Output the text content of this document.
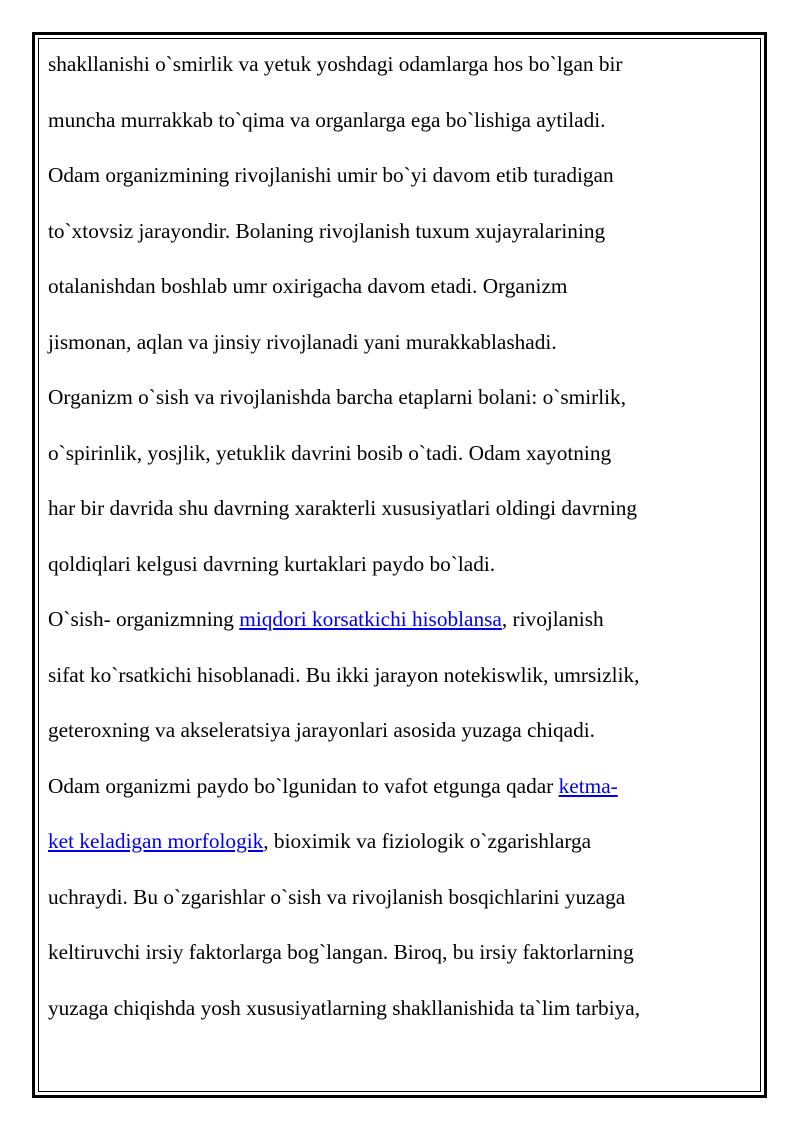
shakllanishi o`smirlik va yetuk yoshdagi odamlarga hos bo`lgan bir
muncha murrakkab to`qima va organlarga ega bo`lishiga aytiladi.
Odam organizmining rivojlanishi umir bo`yi davom etib turadigan
to`xtovsiz jarayondir. Bolaning rivojlanish tuxum xujayralarining
otalanishdan boshlab umr oxirigacha davom etadi. Organizm
jismonan, aqlan va jinsiy rivojlanadi yani murakkablashadi.
Organizm o`sish va rivojlanishda barcha etaplarni bolani: o`smirlik,
o`spirinlik, yosjlik, yetuklik davrini bosib o`tadi. Odam xayotning
har bir davrida shu davrning xarakterli xususiyatlari oldingi davrning
qoldiqlari kelgusi davrning kurtaklari paydo bo`ladi.
O`sish- organizmning miqdori korsatkichi hisoblansa, rivojlanish
sifat ko`rsatkichi hisoblanadi. Bu ikki jarayon notekiswlik, umrsizlik,
geteroxning va akseleratsiya jarayonlari asosida yuzaga chiqadi.
Odam organizmi paydo bo`lgunidan to vafot etgunga qadar ketma-
ket keladigan morfologik, bioximik va fiziologik o`zgarishlarga
uchraydi. Bu o`zgarishlar o`sish va rivojlanish bosqichlarini yuzaga
keltiruvchi irsiy faktorlarga bog`langan. Biroq, bu irsiy faktorlarning
yuzaga chiqishda yosh xususiyatlarning shakllanishida ta`lim tarbiya,
